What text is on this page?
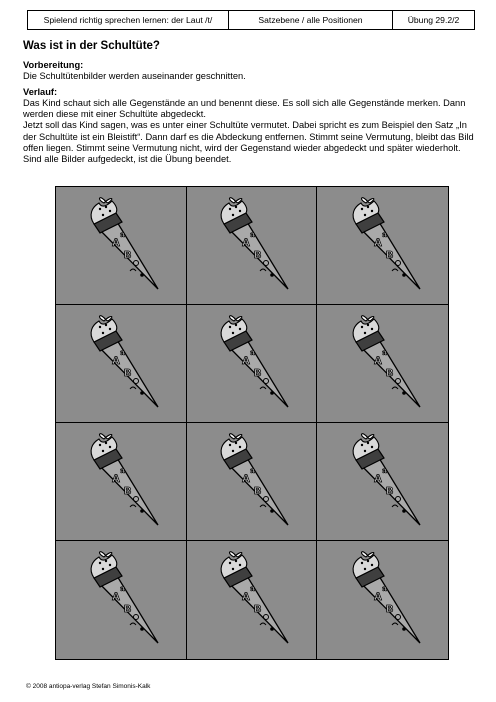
Spielend richtig sprechen lernen: der Laut /t/	Satzebene / alle Positionen	Übung 29.2/2
Was ist in der Schultüte?

Vorbereitung:

Die Schultütenbilder werden auseinander geschnitten.

Verlauf:

Das Kind schaut sich alle Gegenstände an und benennt diese. Es soll sich alle Gegenstände merken. Dann werden diese mit einer Schultüte abgedeckt.

Jetzt soll das Kind sagen, was es unter einer Schultüte vermutet. Dabei spricht es zum Beispiel den Satz „In der Schultüte ist ein Bleistift“. Dann darf es die Abdeckung entfernen. Stimmt seine Vermutung, bleibt das Bild offen liegen. Stimmt seine Vermutung nicht, wird der Gegenstand wieder abgedeckt und später wiederholt.

Sind alle Bilder aufgedeckt, ist die Übung beendet.

© 2008 antiopa-verlag Stefan Simonis-Kalk
